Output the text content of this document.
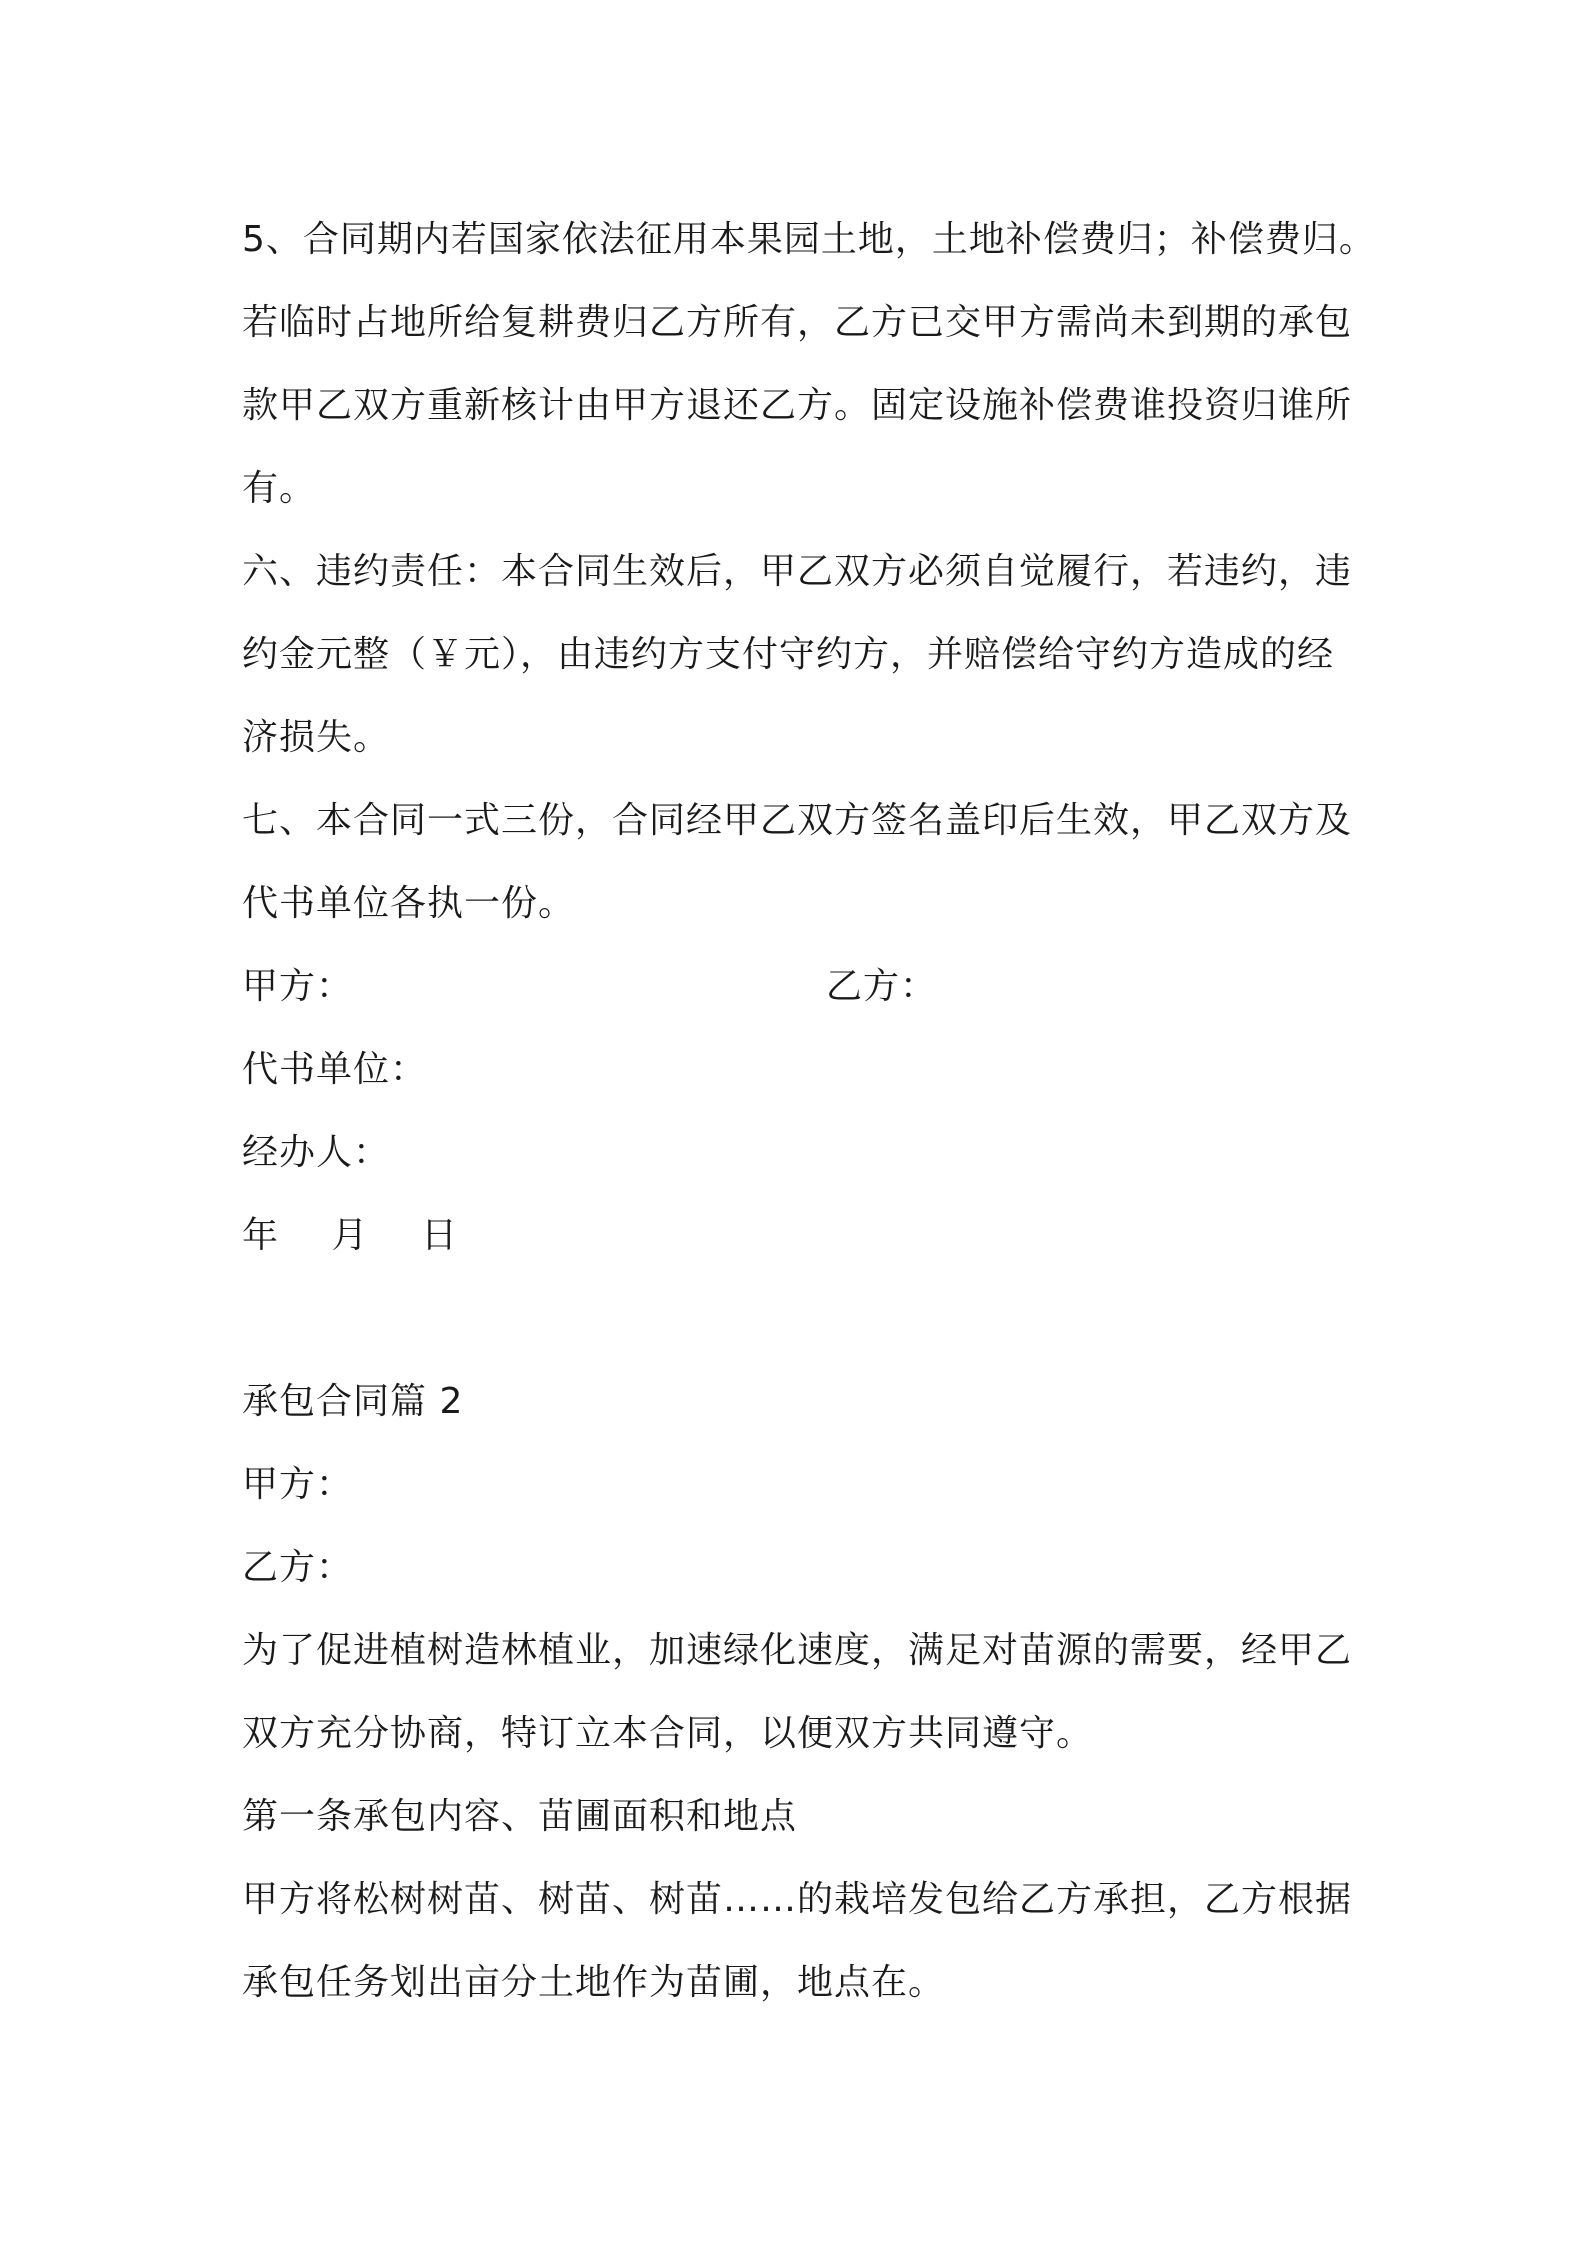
5、合同期内若国家依法征用本果园土地，土地补偿费归；补偿费归。
若临时占地所给复耕费归乙方所有，乙方已交甲方需尚未到期的承包
款甲乙双方重新核计由甲方退还乙方。固定设施补偿费谁投资归谁所
有。
六、违约责任：本合同生效后，甲乙双方必须自觉履行，若违约，违
约金元整（￥元），由违约方支付守约方，并赔偿给守约方造成的经
济损失。
七、本合同一式三份，合同经甲乙双方签名盖印后生效，甲乙双方及
代书单位各执一份。
甲方：	乙方：
代书单位：
经办人：
年 月 日
承包合同篇 2
甲方：
乙方：
为了促进植树造林植业，加速绿化速度，满足对苗源的需要，经甲乙
双方充分协商，特订立本合同，以便双方共同遵守。
第一条承包内容、苗圃面积和地点
甲方将松树树苗、树苗、树苗……的栽培发包给乙方承担，乙方根据
承包任务划出亩分土地作为苗圃，地点在。
